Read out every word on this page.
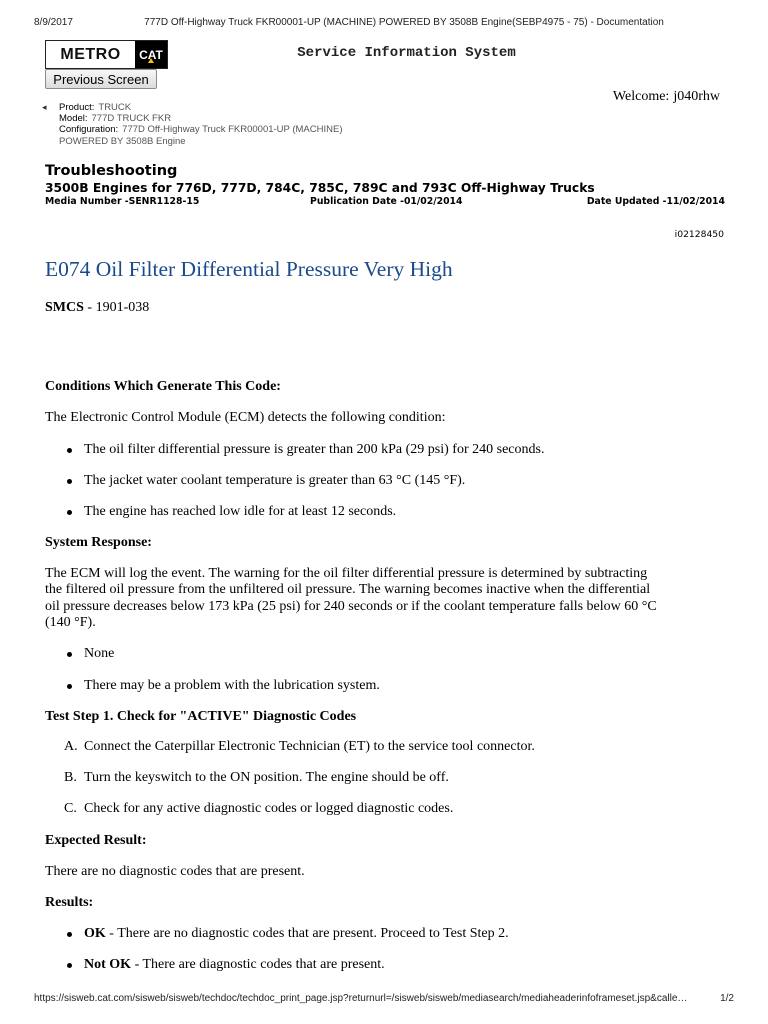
8/9/2017	777D Off-Highway Truck FKR00001-UP (MACHINE) POWERED BY 3508B Engine(SEBP4975 - 75) - Documentation
METRO	CAT	Service Information System
Previous Screen
Welcome: j040rhw
◂	Product: TRUCK
Model: 777D TRUCK FKR
Configuration: 777D Off-Highway Truck FKR00001-UP (MACHINE)
POWERED BY 3508B Engine
Troubleshooting
3500B Engines for 776D, 777D, 784C, 785C, 789C and 793C Off-Highway Trucks
Media Number -SENR1128-15	Publication Date -01/02/2014	Date Updated -11/02/2014
i02128450
E074 Oil Filter Differential Pressure Very High
SMCS - 1901-038
Conditions Which Generate This Code:
The Electronic Control Module (ECM) detects the following condition:
The oil filter differential pressure is greater than 200 kPa (29 psi) for 240 seconds.
The jacket water coolant temperature is greater than 63 °C (145 °F).
The engine has reached low idle for at least 12 seconds.
System Response:
The ECM will log the event. The warning for the oil filter differential pressure is determined by subtracting
the filtered oil pressure from the unfiltered oil pressure. The warning becomes inactive when the differential
oil pressure decreases below 173 kPa (25 psi) for 240 seconds or if the coolant temperature falls below 60 °C
(140 °F).
None
There may be a problem with the lubrication system.
Test Step 1. Check for "ACTIVE" Diagnostic Codes
A. Connect the Caterpillar Electronic Technician (ET) to the service tool connector.
B. Turn the keyswitch to the ON position. The engine should be off.
C. Check for any active diagnostic codes or logged diagnostic codes.
Expected Result:
There are no diagnostic codes that are present.
Results:
OK - There are no diagnostic codes that are present. Proceed to Test Step 2.
Not OK - There are diagnostic codes that are present.
https://sisweb.cat.com/sisweb/sisweb/techdoc/techdoc_print_page.jsp?returnurl=/sisweb/sisweb/mediasearch/mediaheaderinfoframeset.jsp&calle…	1/2
